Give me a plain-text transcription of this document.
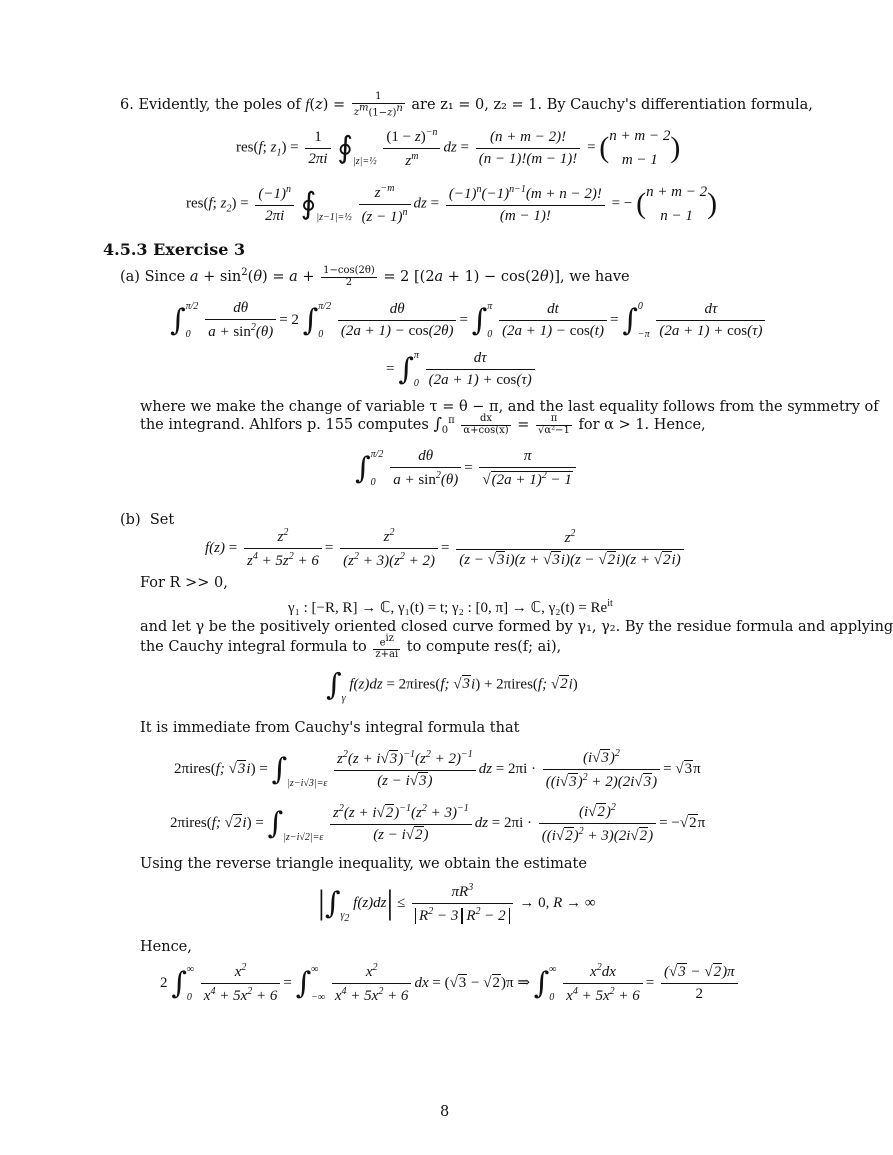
6. Evidently, the poles of $f(z) = \frac{1}{z^m(1-z)^n}$ are z₁ = 0, z₂ = 1. By Cauchy's differentiation formula,
res(f; $z_1) = \frac{1}{2\pi i}$ ∮
|z|=½
$\frac{(1 - z)^{-n}}{z^m}$ dz = $\frac{(n + m - 2)!}{(n - 1)!(m - 1)!}$ = ( n + m − 2
m − 1 )
res(f; $z_2) = \frac{(-1)^n}{2\pi i}$ ∮
|z−1|=½
$\frac{z^{-m}}{(z - 1)^n}$ dz = $\frac{(-1)^n(-1)^{n-1}(m + n - 2)!}{(m - 1)!}$ = − ( n + m − 2
n − 1 )
4.5.3 Exercise 3
(a) Since $a + \sin^2(\theta) = a + \frac{1-\cos(2\theta)}{2} = 2$ [(2a + 1) − cos(2θ)], we have
∫ π/2
0
$\frac{d\theta}{a + \sin^2(\theta)} = 2$ ∫ π/2
0
$\frac{d\theta}{(2a + 1) - \cos(2\theta)}$ = ∫ π
0
$\frac{dt}{(2a + 1) - \cos(t)}$ = ∫ 0
−π
$\frac{d\tau}{(2a + 1) + \cos(\tau)}$
= ∫ π
0
$\frac{d\tau}{(2a + 1) + \cos(\tau)}$
where we make the change of variable τ = θ − π, and the last equality follows from the symmetry of
the integrand. Ahlfors p. 155 computes $\int_0^\pi \frac{dx}{\alpha+\cos(x)} = \frac{\pi}{\text{√α²−1}}$ for α > 1. Hence,
∫ π/2
0
$\frac{d\theta}{a + \sin^2(\theta)} = \frac{\pi}{√(2a + 1)^2 - 1}$
(b) Set
$f(z) = \frac{z^2}{z^4 + 5z^2 + 6} = \frac{z^2}{(z^2 + 3)(z^2 + 2)} = \frac{z^2}{(z - √3i)(z + √3i)(z - √2i)(z + √2i)}$
For R >> 0,
γ₁ : [−R, R] → ℂ, γ₁(t) = t; γ₂ : [0, π] → ℂ, $\gamma_2(t) = Re^{it}$
and let γ be the positively oriented closed curve formed by γ₁, γ₂. By the residue formula and applying
the Cauchy integral formula to $\frac{e^{iz}}{z+ai}$ to compute res(f; ai),
∫
γ
f(z)dz = 2πires(f; √3i) + 2πires(f; √2i)
It is immediate from Cauchy's integral formula that
2πires(f; √3i) = ∫
|z−i√3|=ε
$\frac{z^2(z + i√3)^{-1}(z^2 + 2)^{-1}}{(z - i√3)}$ dz = $2\pi i \cdot \frac{(i√3)^2}{((i√3)^2 + 2)(2i√3)} = √3\pi$
2πires(f; √2i) = ∫
|z−i√2|=ε
$\frac{z^2(z + i√2)^{-1}(z^2 + 3)^{-1}}{(z - i√2)}$ dz = $2\pi i \cdot \frac{(i√2)^2}{((i√2)^2 + 3)(2i√2)} = -√2\pi$
Using the reverse triangle inequality, we obtain the estimate
|∫
$\gamma_2$
$f(z)dz| \le \frac{\pi R^3}{R^2 - 3 R^2 - 2} \to 0$, R → ∞
Hence,
2 ∫ ∞
0
$\frac{x^2}{x^4 + 5x^2 + 6}$ = ∫ ∞
−∞
$\frac{x^2}{x^4 + 5x^2 + 6}$ dx = (√3 − √2)π ⇒ ∫ ∞
0
$\frac{x^2dx}{x^4 + 5x^2 + 6} = \frac{(√3 - √2)\pi}{2}$
8
